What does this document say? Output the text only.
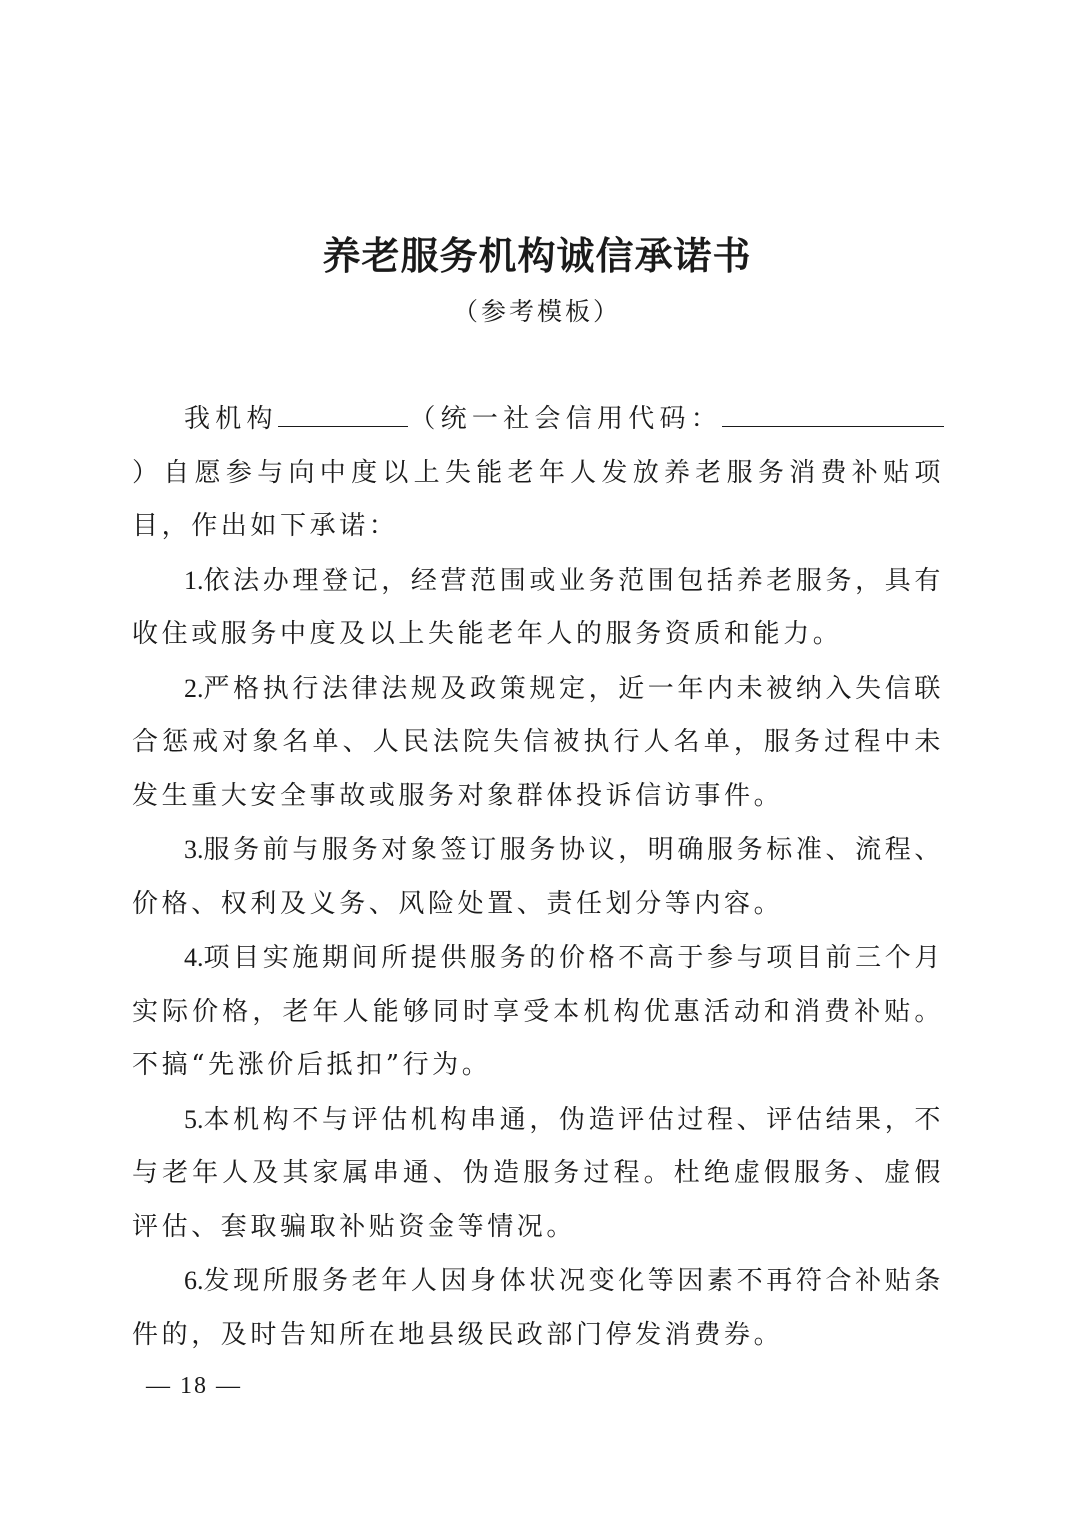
养老服务机构诚信承诺书
（参考模板）

我机构	（统一社会信用代码：）自愿参与向中度以上失能老年人发放养老服务消费补贴项目，作出如下承诺：

1.依法办理登记，经营范围或业务范围包括养老服务，具有收住或服务中度及以上失能老年人的服务资质和能力。

2.严格执行法律法规及政策规定，近一年内未被纳入失信联合惩戒对象名单、人民法院失信被执行人名单，服务过程中未发生重大安全事故或服务对象群体投诉信访事件。

3.服务前与服务对象签订服务协议，明确服务标准、流程、价格、权利及义务、风险处置、责任划分等内容。

4.项目实施期间所提供服务的价格不高于参与项目前三个月实际价格，老年人能够同时享受本机构优惠活动和消费补贴。不搞“先涨价后抵扣”行为。

5.本机构不与评估机构串通，伪造评估过程、评估结果，不与老年人及其家属串通、伪造服务过程。杜绝虚假服务、虚假评估、套取骗取补贴资金等情况。

6.发现所服务老年人因身体状况变化等因素不再符合补贴条件的，及时告知所在地县级民政部门停发消费券。

— 18 —
